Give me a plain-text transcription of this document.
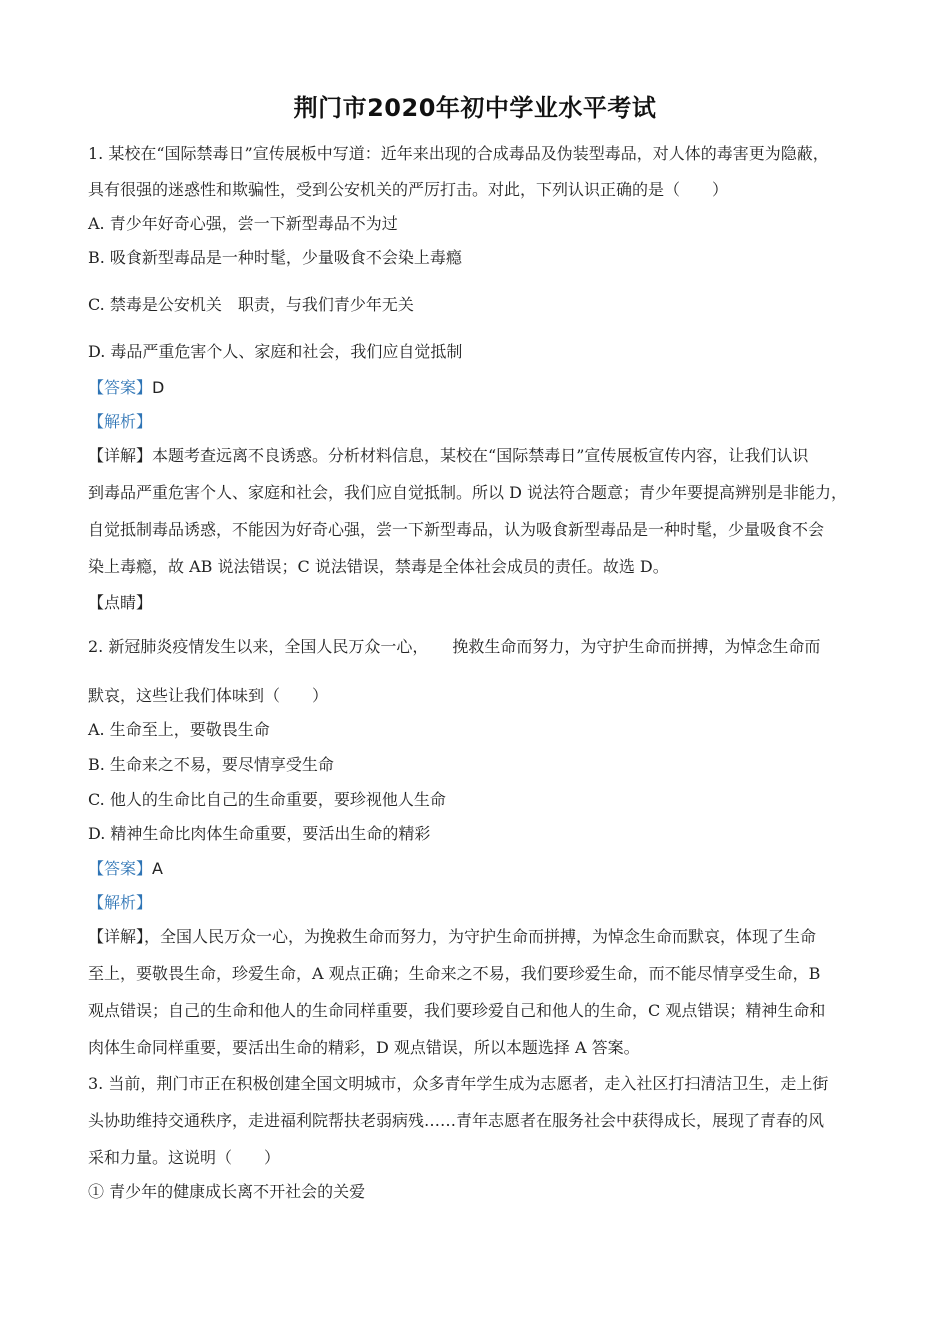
荆门市2020年初中学业水平考试
1. 某校在“国际禁毒日”宣传展板中写道：近年来出现的合成毒品及伪装型毒品，对人体的毒害更为隐蔽，
具有很强的迷惑性和欺骗性，受到公安机关的严厉打击。对此，下列认识正确的是（　　）
A. 青少年好奇心强，尝一下新型毒品不为过
B. 吸食新型毒品是一种时髦，少量吸食不会染上毒瘾
C. 禁毒是公安机关　职责，与我们青少年无关
D. 毒品严重危害个人、家庭和社会，我们应自觉抵制
【答案】D
【解析】
【详解】本题考查远离不良诱惑。分析材料信息，某校在“国际禁毒日”宣传展板宣传内容，让我们认识
到毒品严重危害个人、家庭和社会，我们应自觉抵制。所以 D 说法符合题意；青少年要提高辨别是非能力，
自觉抵制毒品诱惑，不能因为好奇心强，尝一下新型毒品，认为吸食新型毒品是一种时髦，少量吸食不会
染上毒瘾，故 AB 说法错误；C 说法错误，禁毒是全体社会成员的责任。故选 D。
【点睛】
2. 新冠肺炎疫情发生以来，全国人民万众一心，　　挽救生命而努力，为守护生命而拼搏，为悼念生命而
默哀，这些让我们体味到（　　）
A. 生命至上，要敬畏生命
B. 生命来之不易，要尽情享受生命
C. 他人的生命比自己的生命重要，要珍视他人生命
D. 精神生命比肉体生命重要，要活出生命的精彩
【答案】A
【解析】
【详解】，全国人民万众一心，为挽救生命而努力，为守护生命而拼搏，为悼念生命而默哀，体现了生命
至上，要敬畏生命，珍爱生命，A 观点正确；生命来之不易，我们要珍爱生命，而不能尽情享受生命，B
观点错误；自己的生命和他人的生命同样重要，我们要珍爱自己和他人的生命，C 观点错误；精神生命和
肉体生命同样重要，要活出生命的精彩，D 观点错误，所以本题选择 A 答案。
3. 当前，荆门市正在积极创建全国文明城市，众多青年学生成为志愿者，走入社区打扫清洁卫生，走上街
头协助维持交通秩序，走进福利院帮扶老弱病残……青年志愿者在服务社会中获得成长，展现了青春的风
采和力量。这说明（　　）
① 青少年的健康成长离不开社会的关爱
